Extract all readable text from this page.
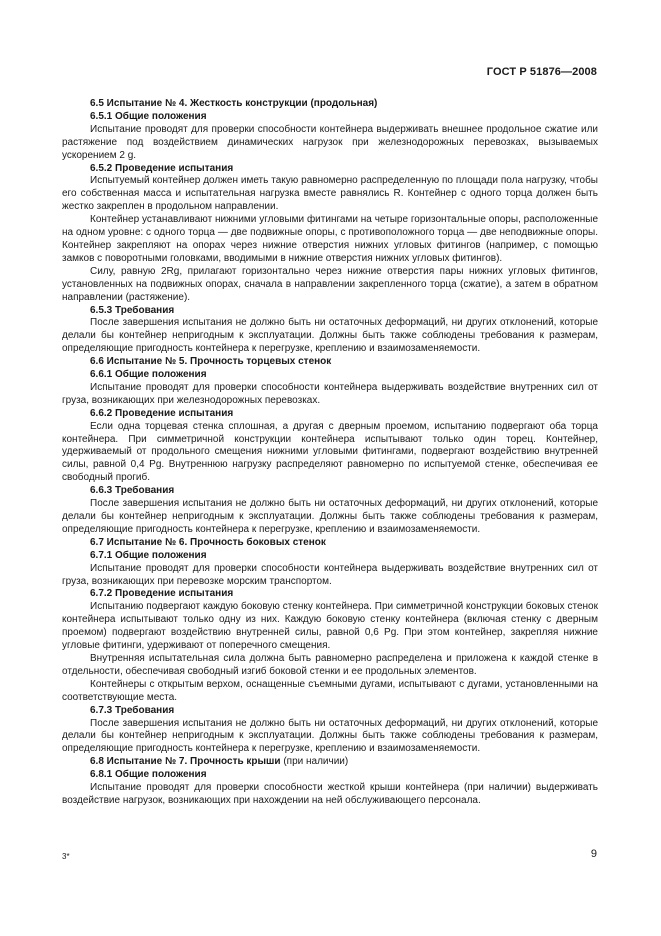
ГОСТ Р 51876—2008

6.5 Испытание № 4. Жесткость конструкции (продольная)

6.5.1 Общие положения

Испытание проводят для проверки способности контейнера выдерживать внешнее продольное сжатие или растяжение под воздействием динамических нагрузок при железнодорожных перевозках, вызываемых ускорением 2 g.

6.5.2 Проведение испытания

Испытуемый контейнер должен иметь такую равномерно распределенную по площади пола нагрузку, чтобы его собственная масса и испытательная нагрузка вместе равнялись R. Контейнер с одного торца должен быть жестко закреплен в продольном направлении.

Контейнер устанавливают нижними угловыми фитингами на четыре горизонтальные опоры, расположенные на одном уровне: с одного торца — две подвижные опоры, с противоположного торца — две неподвижные опоры. Контейнер закрепляют на опорах через нижние отверстия нижних угловых фитингов (например, с помощью замков с поворотными головками, вводимыми в нижние отверстия нижних угловых фитингов).

Силу, равную 2Rg, прилагают горизонтально через нижние отверстия пары нижних угловых фитингов, установленных на подвижных опорах, сначала в направлении закрепленного торца (сжатие), а затем в обратном направлении (растяжение).

6.5.3 Требования

После завершения испытания не должно быть ни остаточных деформаций, ни других отклонений, которые делали бы контейнер непригодным к эксплуатации. Должны быть также соблюдены требования к размерам, определяющие пригодность контейнера к перегрузке, креплению и взаимозаменяемости.

6.6 Испытание № 5. Прочность торцевых стенок

6.6.1 Общие положения

Испытание проводят для проверки способности контейнера выдерживать воздействие внутренних сил от груза, возникающих при железнодорожных перевозках.

6.6.2 Проведение испытания

Если одна торцевая стенка сплошная, а другая с дверным проемом, испытанию подвергают оба торца контейнера. При симметричной конструкции контейнера испытывают только один торец. Контейнер, удерживаемый от продольного смещения нижними угловыми фитингами, подвергают воздействию внутренней силы, равной 0,4 Pg. Внутреннюю нагрузку распределяют равномерно по испытуемой стенке, обеспечивая ее свободный прогиб.

6.6.3 Требования

После завершения испытания не должно быть ни остаточных деформаций, ни других отклонений, которые делали бы контейнер непригодным к эксплуатации. Должны быть также соблюдены требования к размерам, определяющие пригодность контейнера к перегрузке, креплению и взаимозаменяемости.

6.7 Испытание № 6. Прочность боковых стенок

6.7.1 Общие положения

Испытание проводят для проверки способности контейнера выдерживать воздействие внутренних сил от груза, возникающих при перевозке морским транспортом.

6.7.2 Проведение испытания

Испытанию подвергают каждую боковую стенку контейнера. При симметричной конструкции боковых стенок контейнера испытывают только одну из них. Каждую боковую стенку контейнера (включая стенку с дверным проемом) подвергают воздействию внутренней силы, равной 0,6 Pg. При этом контейнер, закрепляя нижние угловые фитинги, удерживают от поперечного смещения.

Внутренняя испытательная сила должна быть равномерно распределена и приложена к каждой стенке в отдельности, обеспечивая свободный изгиб боковой стенки и ее продольных элементов.

Контейнеры с открытым верхом, оснащенные съемными дугами, испытывают с дугами, установленными на соответствующие места.

6.7.3 Требования

После завершения испытания не должно быть ни остаточных деформаций, ни других отклонений, которые делали бы контейнер непригодным к эксплуатации. Должны быть также соблюдены требования к размерам, определяющие пригодность контейнера к перегрузке, креплению и взаимозаменяемости.

6.8 Испытание № 7. Прочность крыши (при наличии)

6.8.1 Общие положения

Испытание проводят для проверки способности жесткой крыши контейнера (при наличии) выдерживать воздействие нагрузок, возникающих при нахождении на ней обслуживающего персонала.

3*	9
